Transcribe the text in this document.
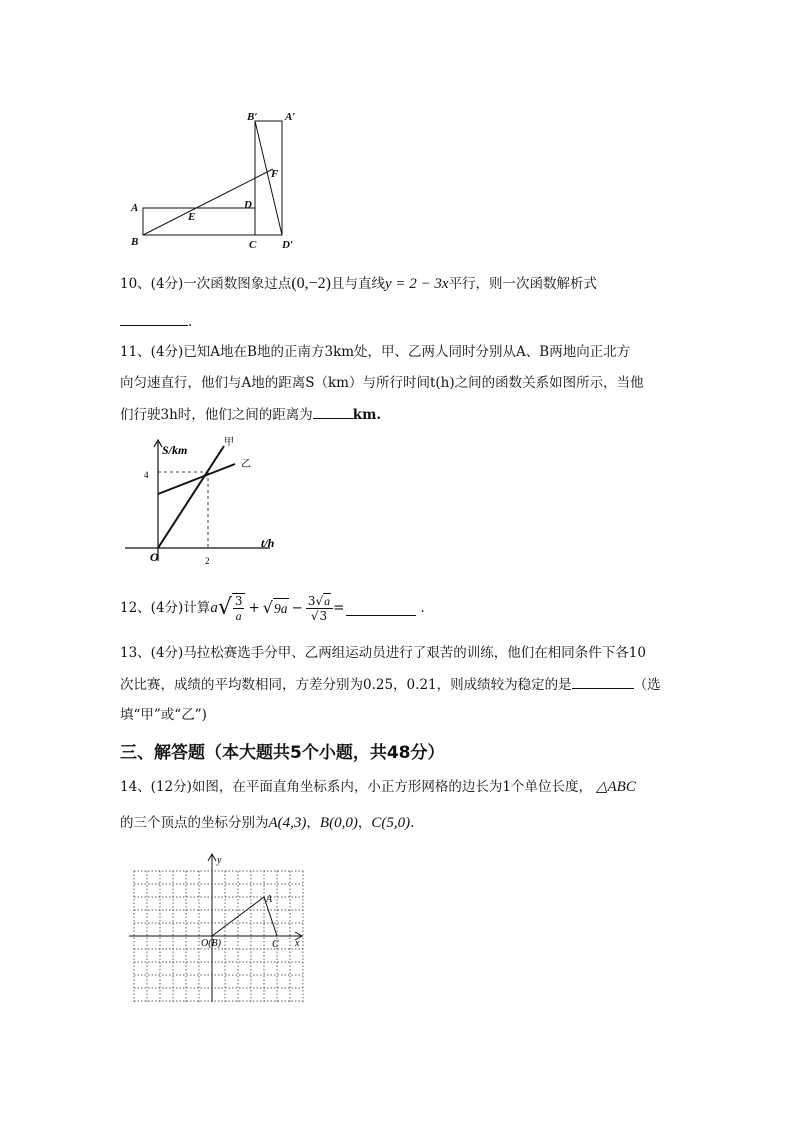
B′	A′
F
A
E
D
B	C D′
10、(4分)一次函数图象过点(0,−2)且与直线y = 2 − 3x平行，则一次函数解析式
.
11、(4分)已知A地在B地的正南方3km处，甲、乙两人同时分别从A、B两地向正北方
向匀速直行，他们与A地的距离S（km）与所行时间t(h)之间的函数关系如图所示，当他
们行驶3h时，他们之间的距离为	km.
S/km
t/h
O
4
2
甲
乙
12、(4分) 计算 a √ $\frac{3}{a}$ + √ $9a - \frac{3√a}{√3}$ =	.
13、(4分)马拉松赛选手分甲、乙两组运动员进行了艰苦的训练，他们在相同条件下各10
次比赛，成绩的平均数相同，方差分别为0.25，0.21，则成绩较为稳定的是	（选
填“甲”或“乙”)
三、解答题（本大题共5个小题，共48分）
14、(12分)如图，在平面直角坐标系内，小正方形网格的边长为1个单位长度， △ABC
的三个顶点的坐标分别为A(4,3)，B(0,0)，C(5,0).
y
x
O(B)
A
C
